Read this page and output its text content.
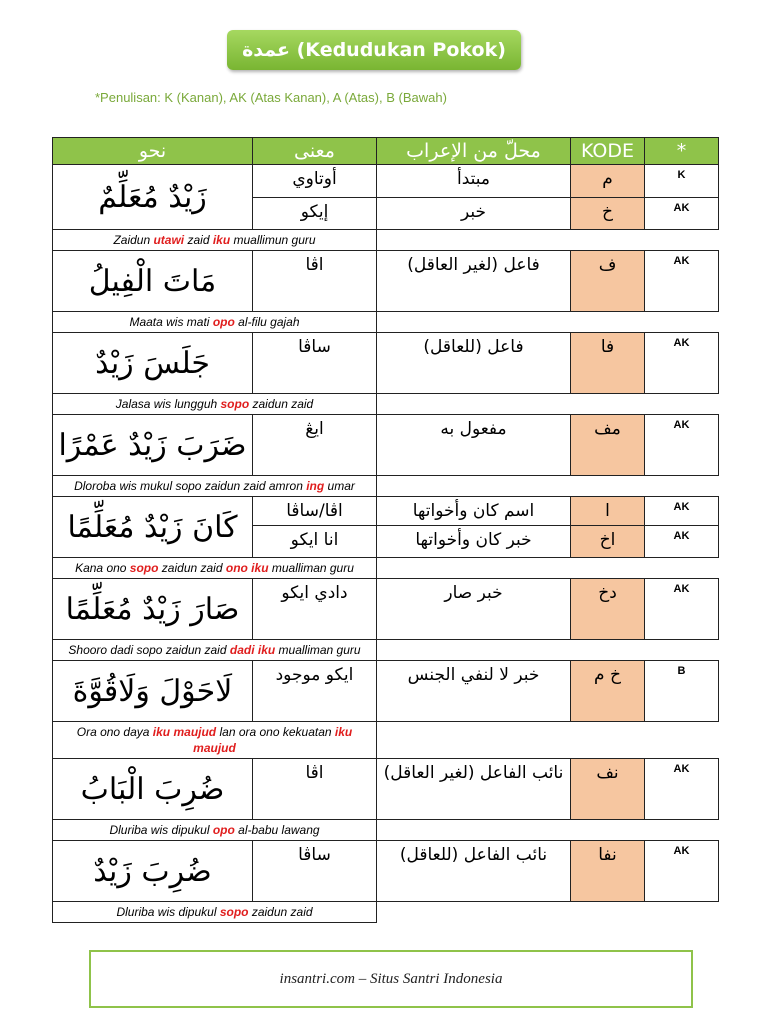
عمدة (Kedudukan Pokok)
*Penulisan: K (Kanan), AK (Atas Kanan), A (Atas), B (Bawah)
نحو	معنى	محلّ من الإعراب	KODE	*
زَيْدٌ مُعَلِّمٌ	أوتاوي	مبتدأ	م	K
	إيكو	خبر	خ	AK
Zaidun utawi zaid iku muallimun guru				
مَاتَ الْفِيلُ	اڤا	فاعل (لغير العاقل)	ف	AK
Maata wis mati opo al-filu gajah				
جَلَسَ زَيْدٌ	ساڤا	فاعل (للعاقل)	فا	AK
Jalasa wis lungguh sopo zaidun zaid				
ضَرَبَ زَيْدٌ عَمْرًا	ايڠ	مفعول به	مف	AK
Dloroba wis mukul sopo zaidun zaid amron ing umar				
كَانَ زَيْدٌ مُعَلِّمًا	اڤا/ساڤا	اسم كان وأخواتها	ا	AK
	انا ايكو	خبر كان وأخواتها	اخ	AK
Kana ono sopo zaidun zaid ono iku mualliman guru				
صَارَ زَيْدٌ مُعَلِّمًا	دادي ايكو	خبر صار	دخ	AK
Shooro dadi sopo zaidun zaid dadi iku mualliman guru				
لَاحَوْلَ وَلَاقُوَّةَ	ايكو موجود	خبر لا لنفي الجنس	خ م	B
Ora ono daya iku maujud lan ora ono kekuatan iku maujud				
ضُرِبَ الْبَابُ	اڤا	نائب الفاعل (لغير العاقل)	نف	AK
Dluriba wis dipukul opo al-babu lawang				
ضُرِبَ زَيْدٌ	ساڤا	نائب الفاعل (للعاقل)	نفا	AK
Dluriba wis dipukul sopo zaidun zaid				
insantri.com – Situs Santri Indonesia
